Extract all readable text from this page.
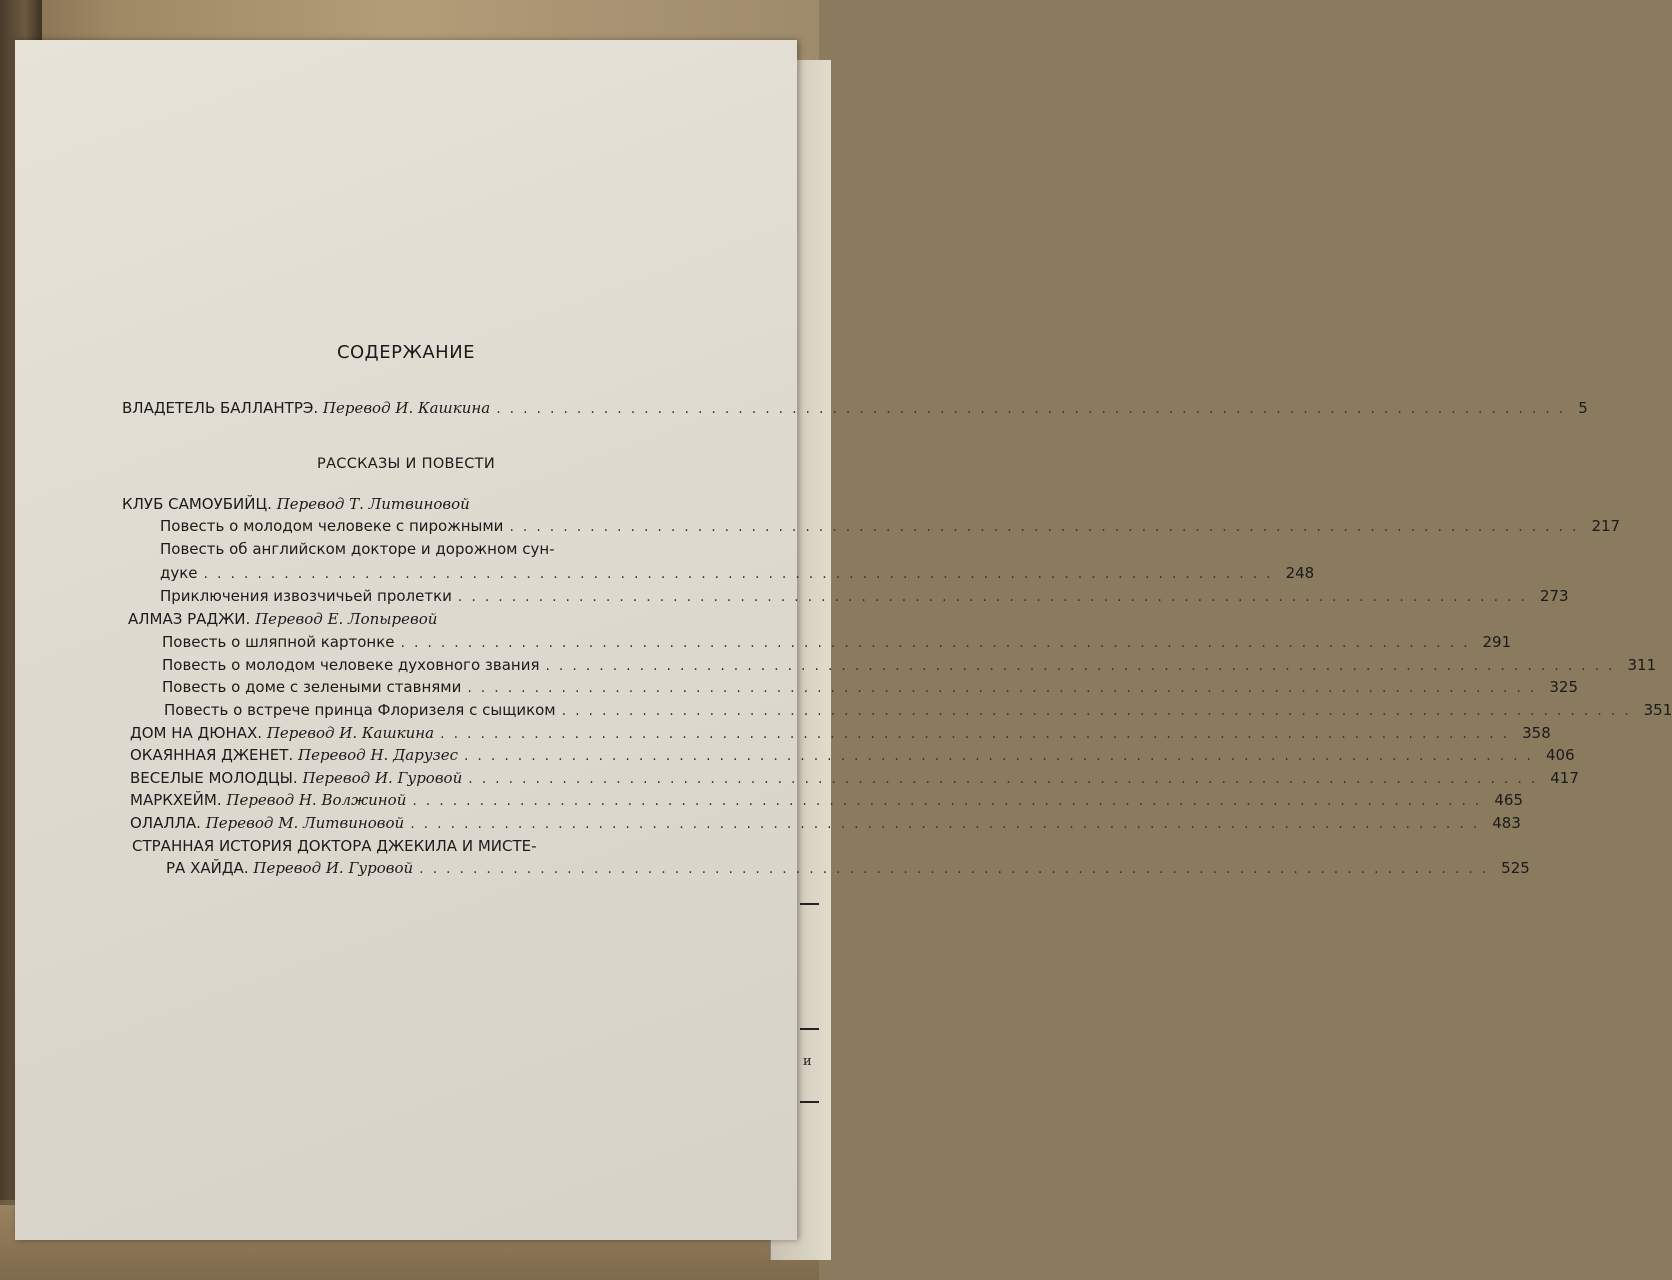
и
СОДЕРЖАНИЕ
РАССКАЗЫ И ПОВЕСТИ
ВЛАДЕТЕЛЬ БАЛЛАНТРЭ.
Перевод И. Кашкина ................................................................................ 5
КЛУБ САМОУБИЙЦ.
Перевод Т. Литвиновой
Повесть о молодом человеке с пирожными ................................................................................ 217
Повесть об английском докторе и дорожном сун-
дуке ................................................................................ 248
Приключения извозчичьей пролетки ................................................................................ 273
АЛМАЗ РАДЖИ.
Перевод Е. Лопыревой
Повесть о шляпной картонке ................................................................................ 291
Повесть о молодом человеке духовного звания ................................................................................ 311
Повесть о доме с зелеными ставнями ................................................................................ 325
Повесть о встрече принца Флоризеля с сыщиком ................................................................................ 351
ДОМ НА ДЮНАХ.
Перевод И. Кашкина ................................................................................ 358
ОКАЯННАЯ ДЖЕНЕТ.
Перевод Н. Дарузес ................................................................................ 406
ВЕСЕЛЫЕ МОЛОДЦЫ.
Перевод И. Гуровой ................................................................................ 417
МАРКХЕЙМ.
Перевод Н. Волжиной ................................................................................ 465
ОЛАЛЛА.
Перевод М. Литвиновой ................................................................................ 483
СТРАННАЯ ИСТОРИЯ ДОКТОРА ДЖЕКИЛА И МИСТЕ-
РА ХАЙДА.
Перевод И. Гуровой ................................................................................ 525
